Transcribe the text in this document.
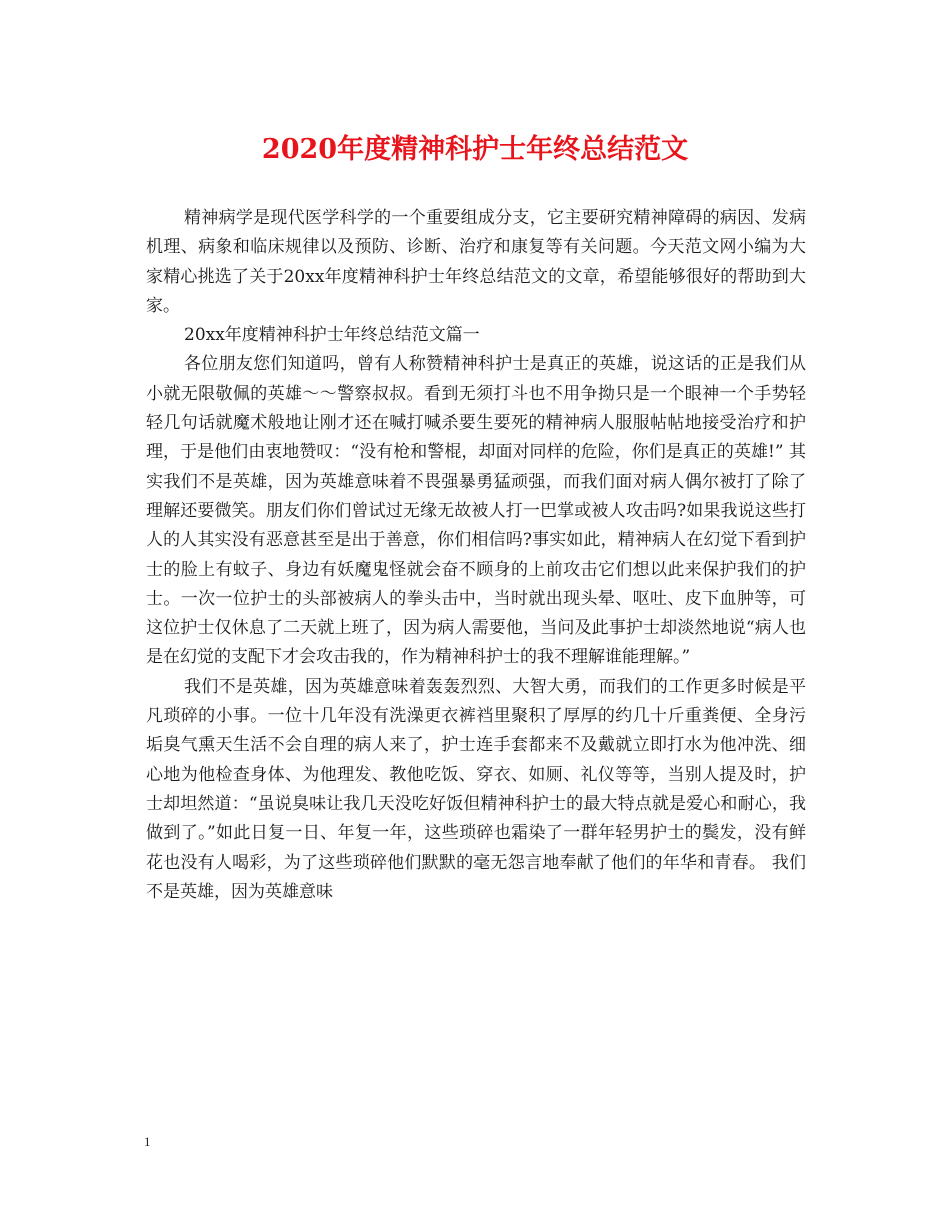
2020年度精神科护士年终总结范文

精神病学是现代医学科学的一个重要组成分支，它主要研究精神障碍的病因、发病机理、病象和临床规律以及预防、诊断、治疗和康复等有关问题。今天范文网小编为大家精心挑选了关于20xx年度精神科护士年终总结范文的文章，希望能够很好的帮助到大家。

20xx年度精神科护士年终总结范文篇一

各位朋友您们知道吗，曾有人称赞精神科护士是真正的英雄，说这话的正是我们从小就无限敬佩的英雄～～警察叔叔。看到无须打斗也不用争拗只是一个眼神一个手势轻轻几句话就魔术般地让刚才还在喊打喊杀要生要死的精神病人服服帖帖地接受治疗和护理，于是他们由衷地赞叹：“没有枪和警棍，却面对同样的危险，你们是真正的英雄!” 其实我们不是英雄，因为英雄意味着不畏强暴勇猛顽强，而我们面对病人偶尔被打了除了理解还要微笑。朋友们你们曾试过无缘无故被人打一巴掌或被人攻击吗?如果我说这些打人的人其实没有恶意甚至是出于善意，你们相信吗?事实如此，精神病人在幻觉下看到护士的脸上有蚊子、身边有妖魔鬼怪就会奋不顾身的上前攻击它们想以此来保护我们的护士。一次一位护士的头部被病人的拳头击中，当时就出现头晕、呕吐、皮下血肿等，可这位护士仅休息了二天就上班了，因为病人需要他，当问及此事护士却淡然地说“病人也是在幻觉的支配下才会攻击我的，作为精神科护士的我不理解谁能理解。”

我们不是英雄，因为英雄意味着轰轰烈烈、大智大勇，而我们的工作更多时候是平凡琐碎的小事。一位十几年没有洗澡更衣裤裆里聚积了厚厚的约几十斤重粪便、全身污垢臭气熏天生活不会自理的病人来了，护士连手套都来不及戴就立即打水为他冲洗、细心地为他检查身体、为他理发、教他吃饭、穿衣、如厕、礼仪等等，当别人提及时，护士却坦然道：“虽说臭味让我几天没吃好饭但精神科护士的最大特点就是爱心和耐心，我做到了。”如此日复一日、年复一年，这些琐碎也霜染了一群年轻男护士的鬓发，没有鲜花也没有人喝彩，为了这些琐碎他们默默的毫无怨言地奉献了他们的年华和青春。 我们不是英雄，因为英雄意味

1
